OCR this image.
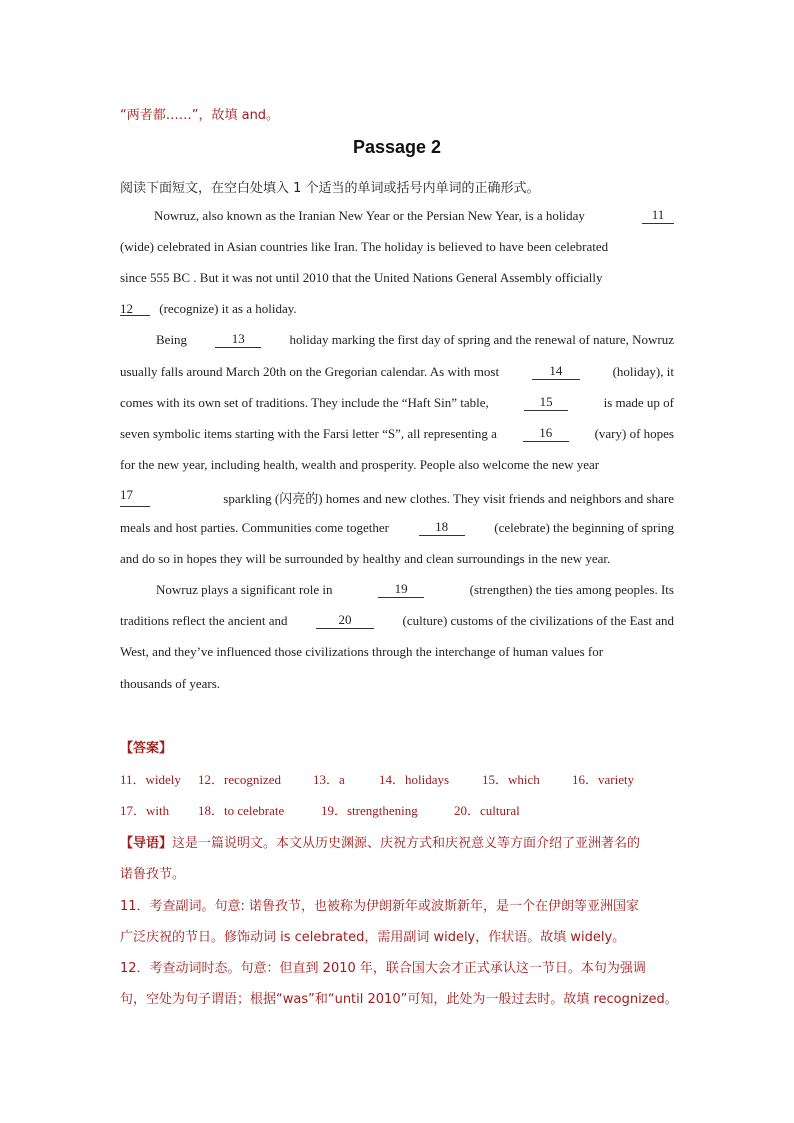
“两者都……”，故填 and。
Passage 2
阅读下面短文，在空白处填入 1 个适当的单词或括号内单词的正确形式。
Nowruz, also known as the Iranian New Year or the Persian New Year, is a holiday	11
(wide) celebrated in Asian countries like Iran. The holiday is believed to have been celebrated
since 555 BC . But it was not until 2010 that the United Nations General Assembly officially
12 (recognize) it as a holiday.
Being	13	holiday marking the first day of spring and the renewal of nature, Nowruz
usually falls around March 20th on the Gregorian calendar. As with most	14	(holiday), it
comes with its own set of traditions. They include the “Haft Sin” table,	15	is made up of
seven symbolic items starting with the Farsi letter “S”, all representing a	16	(vary) of hopes
for the new year, including health, wealth and prosperity. People also welcome the new year
17	sparkling (闪亮的) homes and new clothes. They visit friends and neighbors and share
meals and host parties. Communities come together	18	(celebrate) the beginning of spring
and do so in hopes they will be surrounded by healthy and clean surroundings in the new year.
Nowruz plays a significant role in	19	(strengthen) the ties among peoples. Its
traditions reflect the ancient and	20	(culture) customs of the civilizations of the East and
West, and they’ve influenced those civilizations through the interchange of human values for
thousands of years.
【答案】
11．widely 12．recognized 13．a	14．holidays	15．which 16．variety
17．with 18．to celebrate	19．strengthening	20．cultural
【导语】这是一篇说明文。本文从历史渊源、庆祝方式和庆祝意义等方面介绍了亚洲著名的
诺鲁孜节。
11．考查副词。句意: 诺鲁孜节，也被称为伊朗新年或波斯新年，是一个在伊朗等亚洲国家
广泛庆祝的节日。修饰动词 is celebrated，需用副词 widely，作状语。故填 widely。
12．考查动词时态。句意：但直到 2010 年，联合国大会才正式承认这一节日。本句为强调
句，空处为句子谓语；根据“was”和“until 2010”可知，此处为一般过去时。故填 recognized。
